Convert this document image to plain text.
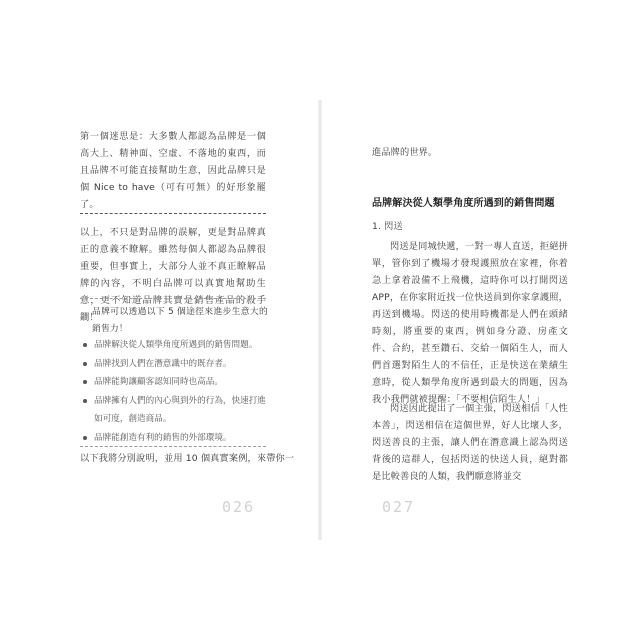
第一個迷思是：大多數人都認為品牌是一個高大上、精神面、空虛、不落地的東西，而且品牌不可能直接幫助生意，因此品牌只是個 Nice to have（可有可無）的好形象罷了。

以上，不只是對品牌的誤解，更是對品牌真正的意義不瞭解。雖然每個人都認為品牌很重要，但事實上，大部分人並不真正瞭解品牌的內容，不明白品牌可以真實地幫助生意，更不知道品牌其實是銷售產品的殺手鐧！

品牌可以透過以下 5 個途徑來進步生意大的銷售力！

品牌解決從人類學角度所遇到的銷售問題。
品牌找到人們在潛意識中的既存者。
品牌能夠讓顧客認知同時也高品。
品牌擁有人們的內心與到外的行為，快速打進如可度，創造商品。
品牌能創造有利的銷售的外部環境。

以下我將分別說明，並用 10 個真實案例，來帶你一

026

進品牌的世界。

品牌解決從人類學角度所遇到的銷售問題

1. 閃送

閃送是同城快遞，一對一專人直送，拒絕拼單，管你到了機場才發現護照放在家裡，你着急上拿着設備不上飛機，這時你可以打開閃送 APP，在你家附近找一位快送員到你家拿護照，再送到機場。閃送的使用時機都是人們在頭緒時刻，將重要的東西，例如身分證、房產文件、合約，甚至鑽石、交給一個陌生人，而人們首選對陌生人的不信任，正是快送在業績生意時，從人類學角度所遇到最大的問題，因為我小我們就被提醒：「不要相信陌生人！」

閃送因此提出了一個主張，閃送相信「人性本善」，閃送相信在這個世界，好人比壞人多，閃送善良的主張，讓人們在潛意識上認為閃送背後的這群人，包括閃送的快送人員，絕對都是比較善良的人類，我們願意將並交

027
